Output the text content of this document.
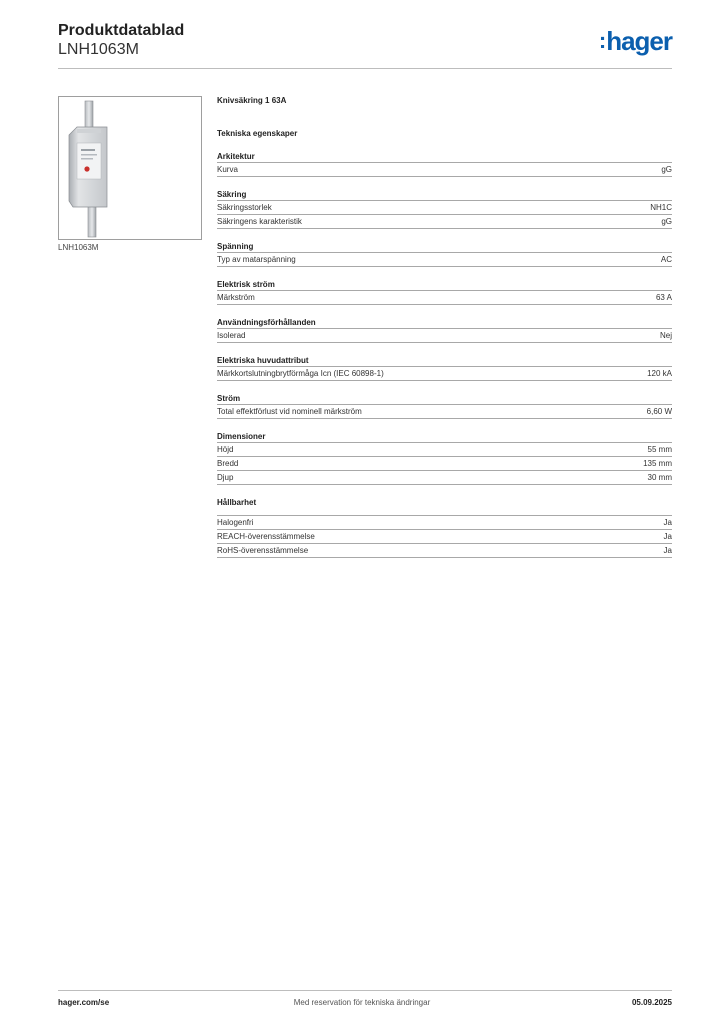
Produktdatablad
LNH1063M	:hager
LNH1063M
Knivsäkring 1 63A
Tekniska egenskaper
Arkitektur
Kurva	gG
Säkring
Säkringsstorlek	NH1C
Säkringens karakteristik	gG
Spänning
Typ av matarspänning	AC
Elektrisk ström
Märkström	63 A
Användningsförhållanden
Isolerad	Nej
Elektriska huvudattribut
Märkkortslutningbrytförmåga Icn (IEC 60898-1)	120 kA
Ström
Total effektförlust vid nominell märkström	6,60 W
Dimensioner
Höjd	55 mm
Bredd	135 mm
Djup	30 mm
Hållbarhet
Halogenfri	Ja
REACH-överensstämmelse	Ja
RoHS-överensstämmelse	Ja
hager.com/se	Med reservation för tekniska ändringar	05.09.2025
